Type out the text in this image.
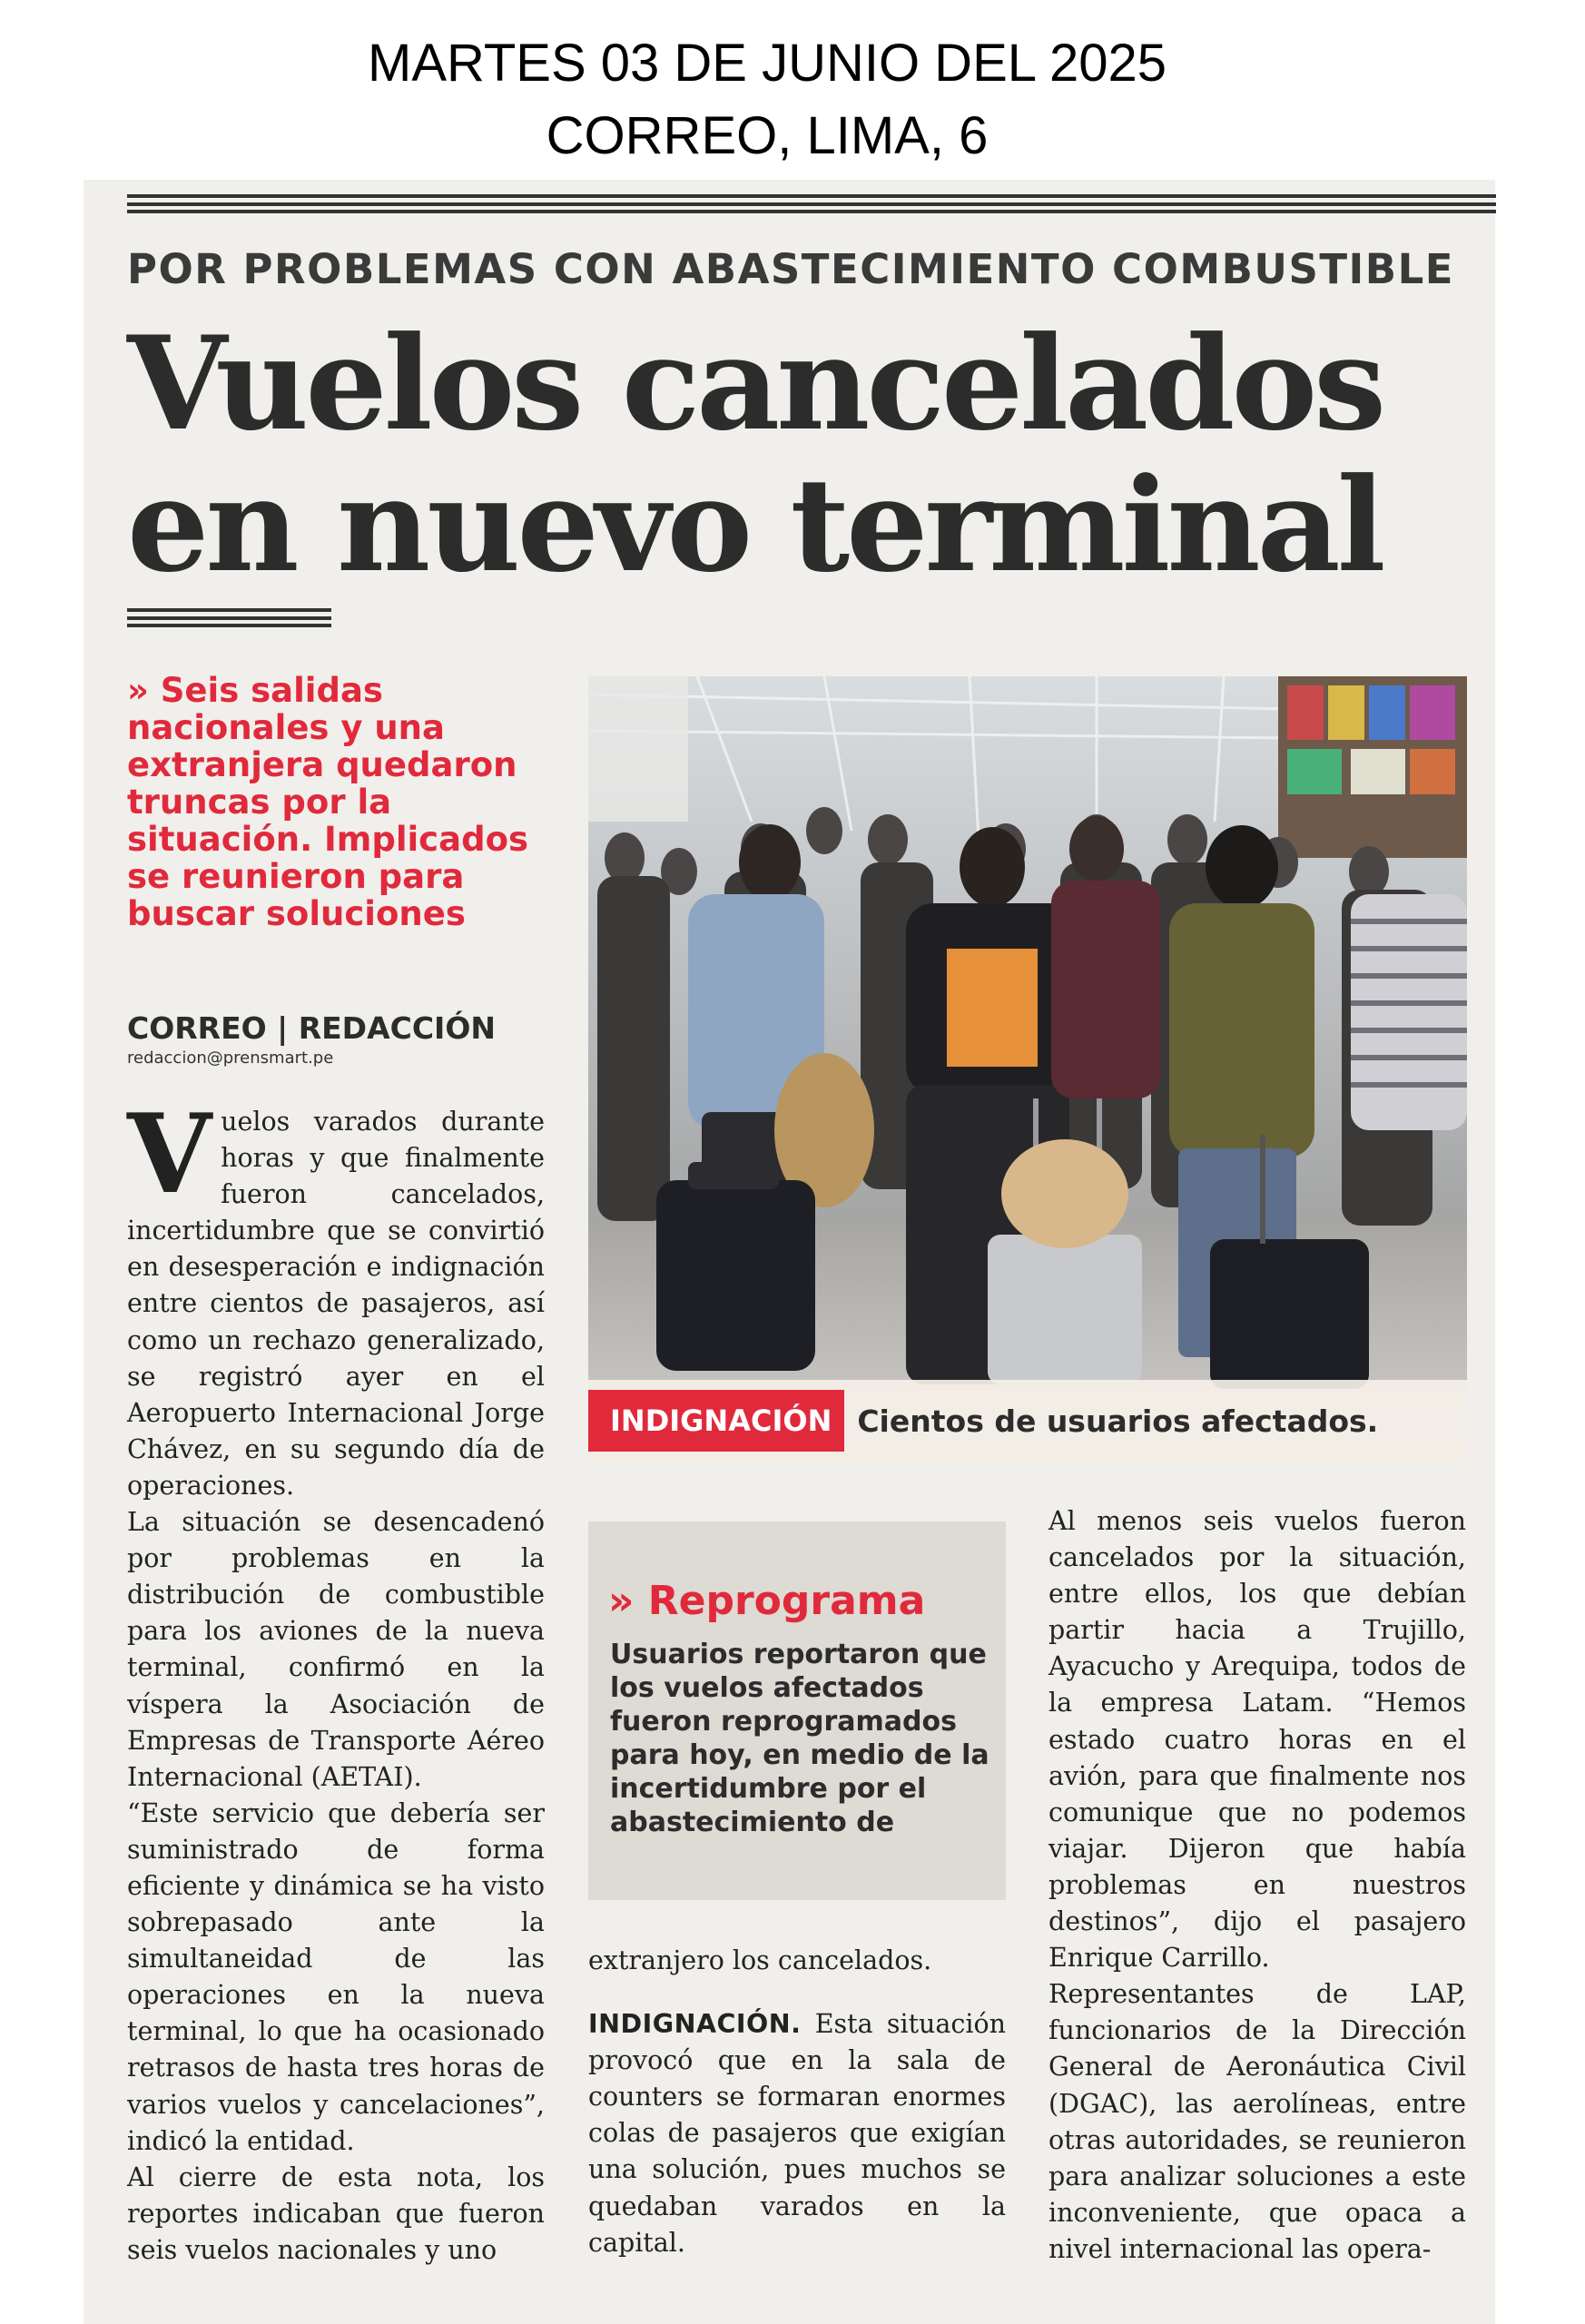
MARTES 03 DE JUNIO DEL 2025
CORREO, LIMA, 6
POR PROBLEMAS CON ABASTECIMIENTO COMBUSTIBLE
Vuelos cancelados
en nuevo terminal
» Seis salidas nacionales y una extranjera quedaron truncas por la situación. Implicados se reunieron para buscar soluciones
CORREO | REDACCIÓN
redaccion@prensmart.pe

Vuelos varados durante horas y que finalmente fueron cancelados, incertidumbre que se convirtió en desesperación e indignación entre cientos de pasajeros, así como un rechazo generalizado, se registró ayer en el Aeropuerto Internacional Jorge Chávez, en su segundo día de operaciones.

La situación se desencadenó por problemas en la distribución de combustible para los aviones de la nueva terminal, confirmó en la víspera la Asociación de Empresas de Transporte Aéreo Internacional (AETAI).

“Este servicio que debería ser suministrado de forma eficiente y dinámica se ha visto sobrepasado ante la simultaneidad de las operaciones en la nueva terminal, lo que ha ocasionado retrasos de hasta tres horas de varios vuelos y cancelaciones”, indicó la entidad.

Al cierre de esta nota, los reportes indicaban que fueron seis vuelos nacionales y uno

INDIGNACIÓN Cientos de usuarios afectados.
» Reprograma
Usuarios reportaron que los vuelos afectados fueron reprogramados para hoy, en medio de la incertidumbre por el abastecimiento de

extranjero los cancelados.

INDIGNACIÓN. Esta situación provocó que en la sala de counters se formaran enormes colas de pasajeros que exigían una solución, pues muchos se quedaban varados en la capital.

Al menos seis vuelos fueron cancelados por la situación, entre ellos, los que debían partir hacia a Trujillo, Ayacucho y Arequipa, todos de la empresa Latam. “Hemos estado cuatro horas en el avión, para que finalmente nos comunique que no podemos viajar. Dijeron que había problemas en nuestros destinos”, dijo el pasajero Enrique Carrillo.

Representantes de LAP, funcionarios de la Dirección General de Aeronáutica Civil (DGAC), las aerolíneas, entre otras autoridades, se reunieron para analizar soluciones a este inconveniente, que opaca a nivel internacional las opera-
